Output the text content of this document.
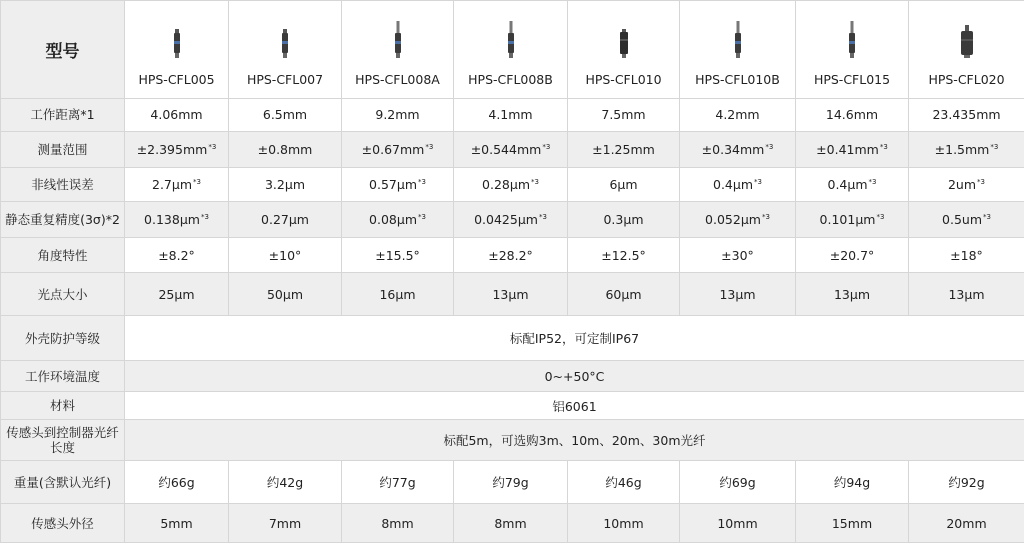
型号	HPS-CFL005	HPS-CFL007	HPS-CFL008A	HPS-CFL008B	HPS-CFL010	HPS-CFL010B	HPS-CFL015	HPS-CFL020

工作距离*1	4.06mm	6.5mm	9.2mm	4.1mm	7.5mm	4.2mm	14.6mm	23.435mm
测量范围	$\pm 2.395mm^{*3}$	±0.8mm	$\pm 0.67mm^{*3}$	$\pm 0.544mm^{*3}$	±1.25mm	$\pm 0.34mm^{*3}$	$\pm 0.41mm^{*3}$	$\pm 1.5mm^{*3}$
非线性误差	$2.7\mu m^{*3}$	3.2μm	$0.57\mu m^{*3}$	$0.28\mu m^{*3}$	6μm	$0.4\mu m^{*3}$	$0.4\mu m^{*3}$	$2um^{*3}$
静态重复精度(3σ)*2	$0.138\mu m^{*3}$	0.27μm	$0.08\mu m^{*3}$	$0.0425\mu m^{*3}$	0.3μm	$0.052\mu m^{*3}$	$0.101\mu m^{*3}$	$0.5um^{*3}$
角度特性	±8.2°	±10°	±15.5°	±28.2°	±12.5°	±30°	±20.7°	±18°
光点大小	25μm	50μm	16μm	13μm	60μm	13μm	13μm	13μm
外壳防护等级	标配IP52，可定制IP67							
工作环境温度	0~+50°C							
材料	铝6061							
传感头到控制器光纤长度	标配5m，可选购3m、10m、20m、30m光纤							
重量(含默认光纤)	约66g	约42g	约77g	约79g	约46g	约69g	约94g	约92g
传感头外径	5mm	7mm	8mm	8mm	10mm	10mm	15mm	20mm
